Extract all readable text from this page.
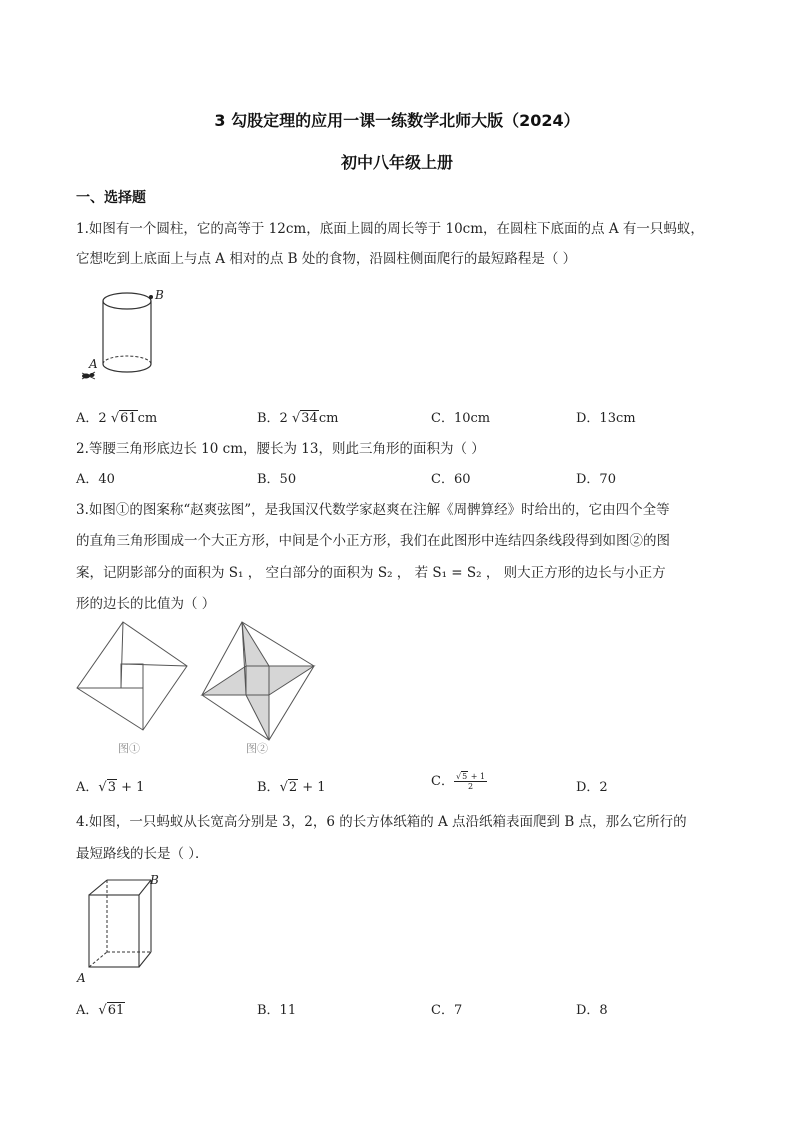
3 勾股定理的应用一课一练数学北师大版（2024）
初中八年级上册
一、选择题
1.如图有一个圆柱，它的高等于 12cm，底面上圆的周长等于 10cm，在圆柱下底面的点 A 有一只蚂蚁，
它想吃到上底面上与点 A 相对的点 B 处的食物，沿圆柱侧面爬行的最短路程是（ ）
B
A
A．2 √61cm	B．2 √34cm	C．10cm	D．13cm
2.等腰三角形底边长 10 cm，腰长为 13，则此三角形的面积为（ ）
A．40	B．50	C．60	D．70
3.如图①的图案称“赵爽弦图”，是我国汉代数学家赵爽在注解《周髀算经》时给出的，它由四个全等
的直角三角形围成一个大正方形，中间是个小正方形，我们在此图形中连结四条线段得到如图②的图
案，记阴影部分的面积为 S₁ ， 空白部分的面积为 S₂ ， 若 S₁ = S₂ ， 则大正方形的边长与小正方
形的边长的比值为（ ）
图①	图②
A．√3 + 1	B．√2 + 1	C． $\frac{√5 + 1}{2}$	D．2
4.如图，一只蚂蚁从长宽高分别是 3，2，6 的长方体纸箱的 A 点沿纸箱表面爬到 B 点，那么它所行的
最短路线的长是（ ）．
B
A
A．√61	B．11	C．7	D．8
